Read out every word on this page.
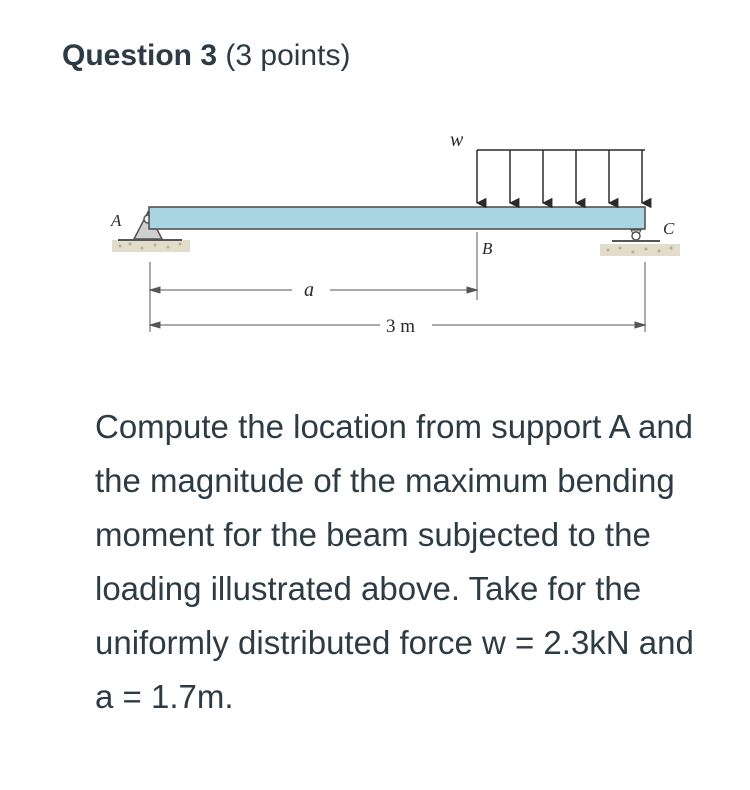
Question 3 (3 points)
w
A
B
C
a
3 m
Compute the location from support A and the magnitude of the maximum bending moment for the beam subjected to the loading illustrated above. Take for the uniformly distributed force w = 2.3kN and a = 1.7m.
